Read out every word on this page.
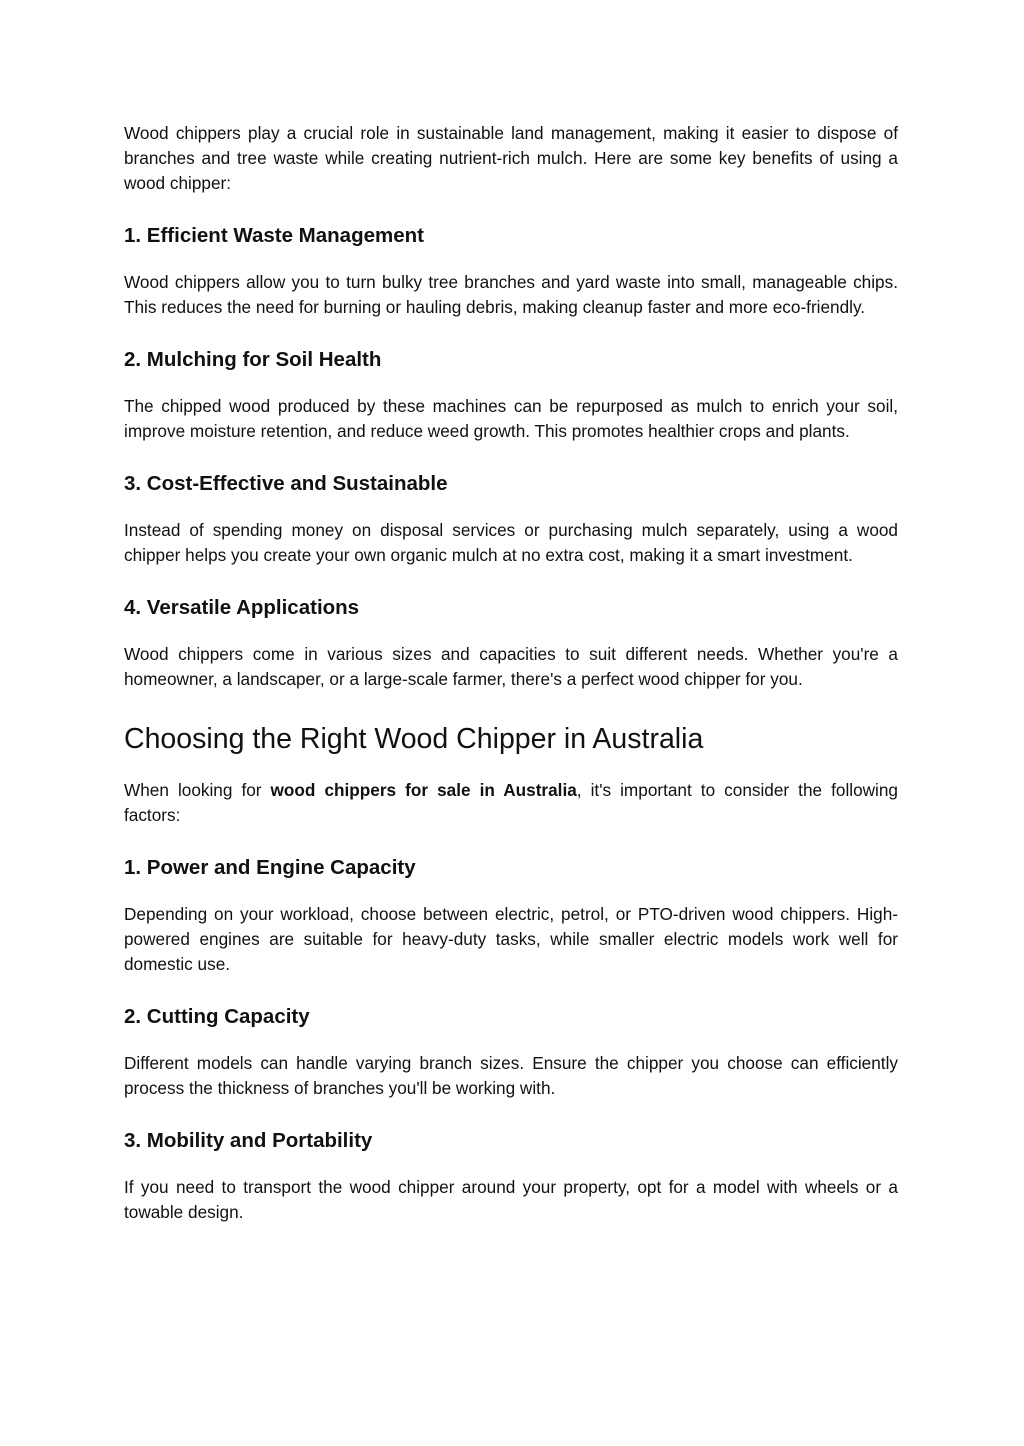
Wood chippers play a crucial role in sustainable land management, making it easier to dispose of branches and tree waste while creating nutrient-rich mulch. Here are some key benefits of using a wood chipper:

1. Efficient Waste Management

Wood chippers allow you to turn bulky tree branches and yard waste into small, manageable chips. This reduces the need for burning or hauling debris, making cleanup faster and more eco-friendly.

2. Mulching for Soil Health

The chipped wood produced by these machines can be repurposed as mulch to enrich your soil, improve moisture retention, and reduce weed growth. This promotes healthier crops and plants.

3. Cost-Effective and Sustainable

Instead of spending money on disposal services or purchasing mulch separately, using a wood chipper helps you create your own organic mulch at no extra cost, making it a smart investment.

4. Versatile Applications

Wood chippers come in various sizes and capacities to suit different needs. Whether you're a homeowner, a landscaper, or a large-scale farmer, there's a perfect wood chipper for you.

Choosing the Right Wood Chipper in Australia

When looking for wood chippers for sale in Australia, it's important to consider the following factors:

1. Power and Engine Capacity

Depending on your workload, choose between electric, petrol, or PTO-driven wood chippers. High-powered engines are suitable for heavy-duty tasks, while smaller electric models work well for domestic use.

2. Cutting Capacity

Different models can handle varying branch sizes. Ensure the chipper you choose can efficiently process the thickness of branches you'll be working with.

3. Mobility and Portability

If you need to transport the wood chipper around your property, opt for a model with wheels or a towable design.
